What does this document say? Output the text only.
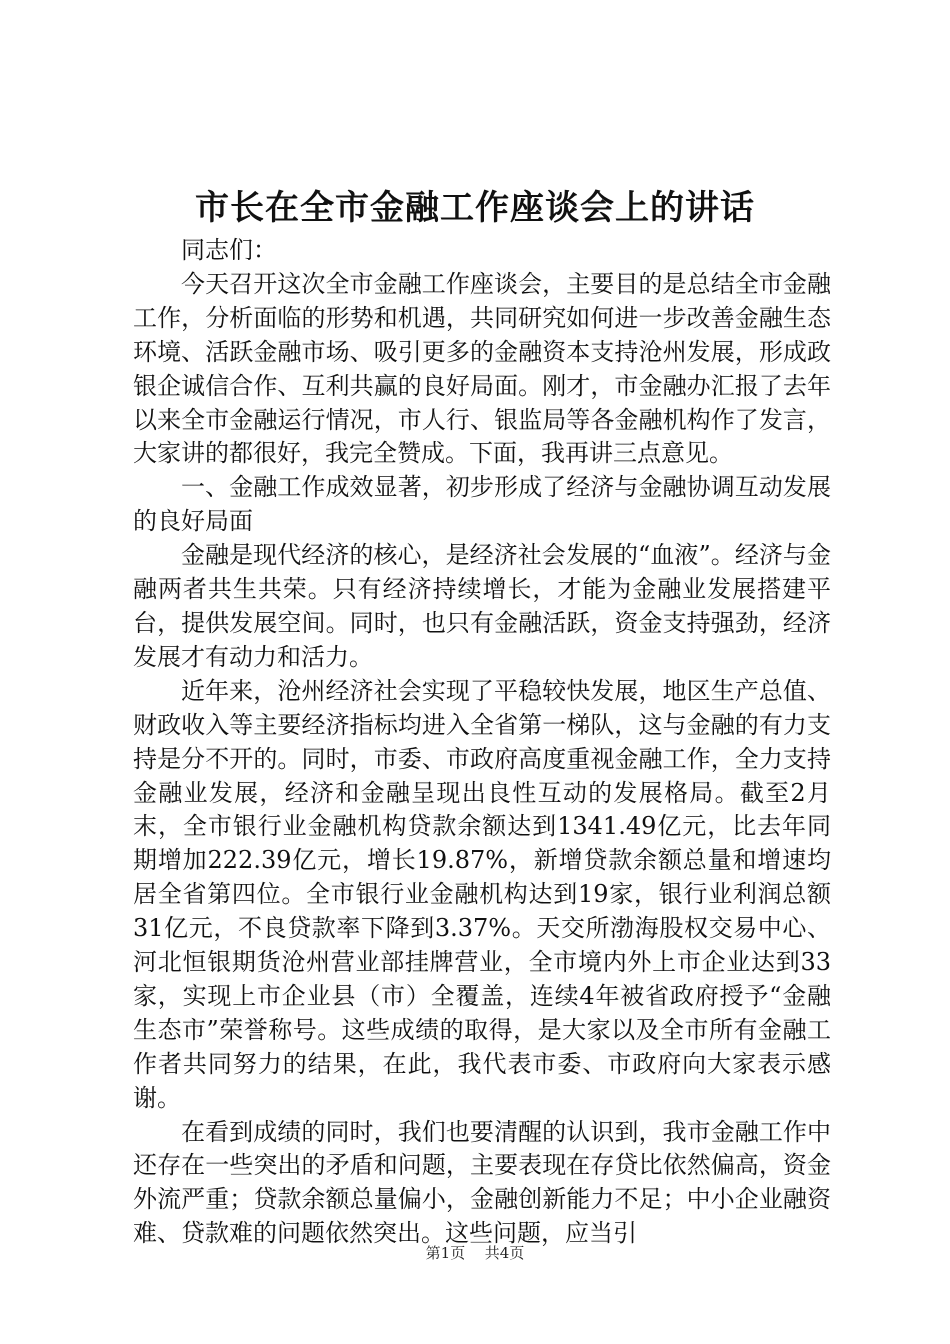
市长在全市金融工作座谈会上的讲话

同志们：

今天召开这次全市金融工作座谈会，主要目的是总结全市金融工作，分析面临的形势和机遇，共同研究如何进一步改善金融生态环境、活跃金融市场、吸引更多的金融资本支持沧州发展，形成政银企诚信合作、互利共赢的良好局面。刚才，市金融办汇报了去年以来全市金融运行情况，市人行、银监局等各金融机构作了发言，大家讲的都很好，我完全赞成。下面，我再讲三点意见。

一、金融工作成效显著，初步形成了经济与金融协调互动发展的良好局面

金融是现代经济的核心，是经济社会发展的“血液”。经济与金融两者共生共荣。只有经济持续增长，才能为金融业发展搭建平台，提供发展空间。同时，也只有金融活跃，资金支持强劲，经济发展才有动力和活力。

近年来，沧州经济社会实现了平稳较快发展，地区生产总值、财政收入等主要经济指标均进入全省第一梯队，这与金融的有力支持是分不开的。同时，市委、市政府高度重视金融工作，全力支持金融业发展，经济和金融呈现出良性互动的发展格局。截至2月末，全市银行业金融机构贷款余额达到1341.49亿元，比去年同期增加222.39亿元，增长19.87%，新增贷款余额总量和增速均居全省第四位。全市银行业金融机构达到19家，银行业利润总额31亿元，不良贷款率下降到3.37%。天交所渤海股权交易中心、河北恒银期货沧州营业部挂牌营业，全市境内外上市企业达到33家，实现上市企业县（市）全覆盖，连续4年被省政府授予“金融生态市”荣誉称号。这些成绩的取得，是大家以及全市所有金融工作者共同努力的结果，在此，我代表市委、市政府向大家表示感谢。

在看到成绩的同时，我们也要清醒的认识到，我市金融工作中还存在一些突出的矛盾和问题，主要表现在存贷比依然偏高，资金外流严重；贷款余额总量偏小，金融创新能力不足；中小企业融资难、贷款难的问题依然突出。这些问题，应当引

第1页 共4页
